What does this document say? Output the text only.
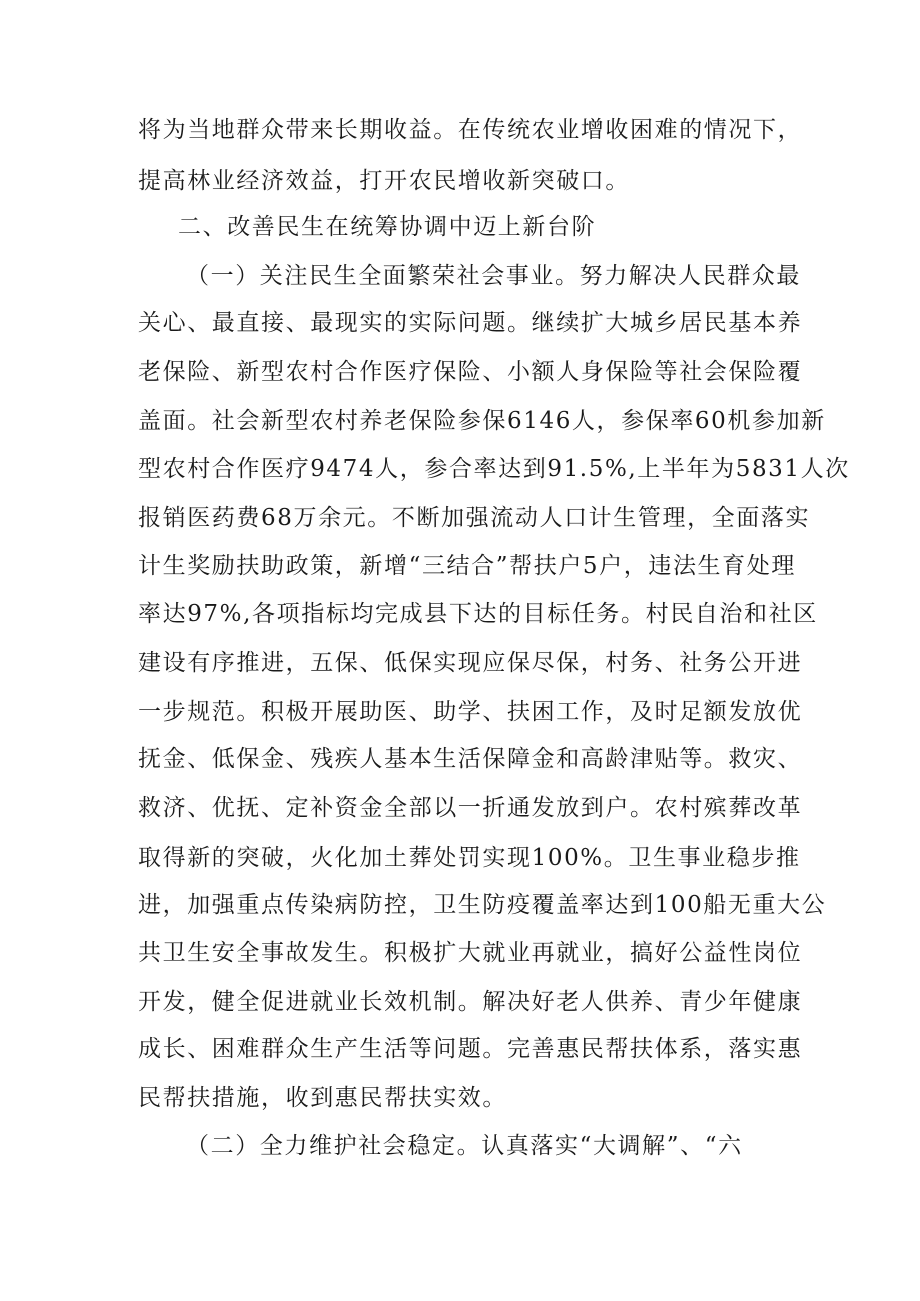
将为当地群众带来长期收益。在传统农业增收困难的情况下，
提高林业经济效益，打开农民增收新突破口。
二、改善民生在统筹协调中迈上新台阶
（一）关注民生全面繁荣社会事业。努力解决人民群众最
关心、最直接、最现实的实际问题。继续扩大城乡居民基本养
老保险、新型农村合作医疗保险、小额人身保险等社会保险覆
盖面。社会新型农村养老保险参保6146人，参保率60机参加新
型农村合作医疗9474人，参合率达到91.5%,上半年为5831人次
报销医药费68万余元。不断加强流动人口计生管理，全面落实
计生奖励扶助政策，新增“三结合”帮扶户5户，违法生育处理
率达97%,各项指标均完成县下达的目标任务。村民自治和社区
建设有序推进，五保、低保实现应保尽保，村务、社务公开进
一步规范。积极开展助医、助学、扶困工作，及时足额发放优
抚金、低保金、残疾人基本生活保障金和高龄津贴等。救灾、
救济、优抚、定补资金全部以一折通发放到户。农村殡葬改革
取得新的突破，火化加土葬处罚实现100%。卫生事业稳步推
进，加强重点传染病防控，卫生防疫覆盖率达到100船无重大公
共卫生安全事故发生。积极扩大就业再就业，搞好公益性岗位
开发，健全促进就业长效机制。解决好老人供养、青少年健康
成长、困难群众生产生活等问题。完善惠民帮扶体系，落实惠
民帮扶措施，收到惠民帮扶实效。
（二）全力维护社会稳定。认真落实“大调解”、“六
